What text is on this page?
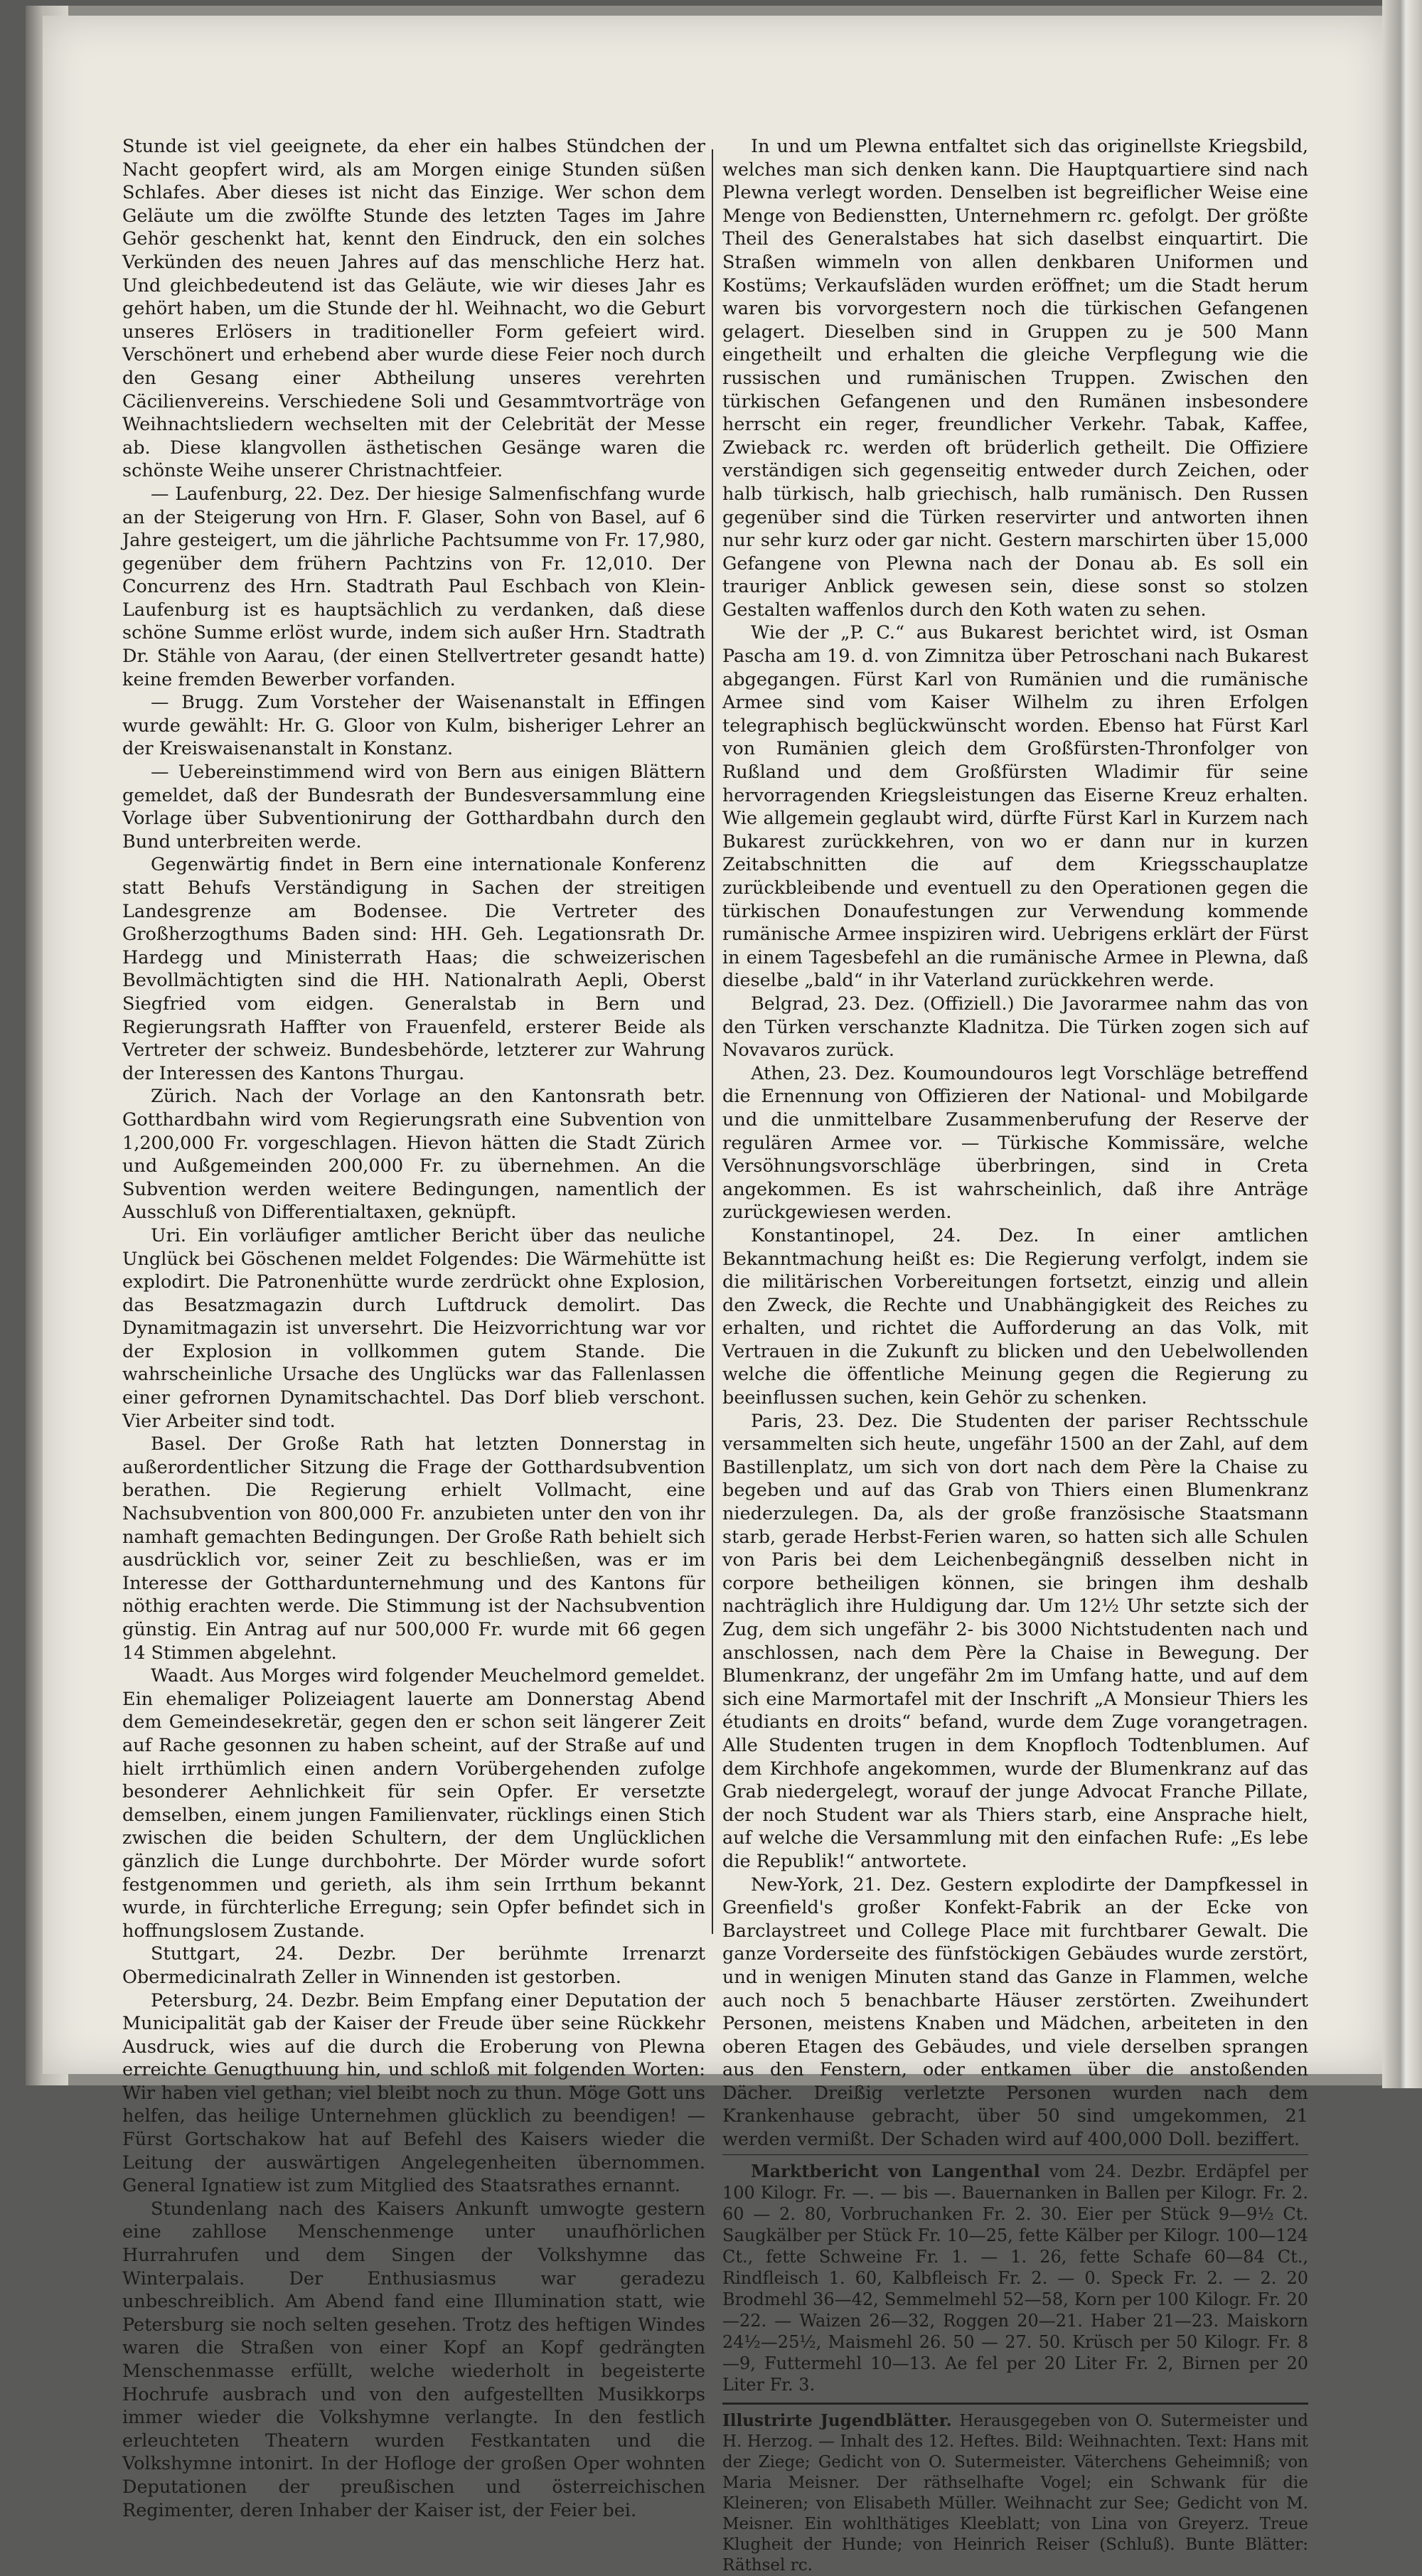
Stunde ist viel geeignete, da eher ein halbes Stündchen der Nacht geopfert wird, als am Morgen einige Stunden süßen Schlafes. Aber dieses ist nicht das Einzige. Wer schon dem Geläute um die zwölfte Stunde des letzten Tages im Jahre Gehör geschenkt hat, kennt den Eindruck, den ein solches Verkünden des neuen Jahres auf das menschliche Herz hat. Und gleichbedeutend ist das Geläute, wie wir dieses Jahr es gehört haben, um die Stunde der hl. Weihnacht, wo die Geburt unseres Erlösers in traditioneller Form gefeiert wird. Verschönert und erhebend aber wurde diese Feier noch durch den Gesang einer Abtheilung unseres verehrten Cäcilienvereins. Verschiedene Soli und Gesammtvorträge von Weihnachtsliedern wechselten mit der Celebrität der Messe ab. Diese klangvollen ästhetischen Gesänge waren die schönste Weihe unserer Christnachtfeier.

— Laufenburg, 22. Dez. Der hiesige Salmenfischfang wurde an der Steigerung von Hrn. F. Glaser, Sohn von Basel, auf 6 Jahre gesteigert, um die jährliche Pachtsumme von Fr. 17,980, gegenüber dem frühern Pachtzins von Fr. 12,010. Der Concurrenz des Hrn. Stadtrath Paul Eschbach von Klein-Laufenburg ist es hauptsächlich zu verdanken, daß diese schöne Summe erlöst wurde, indem sich außer Hrn. Stadtrath Dr. Stähle von Aarau, (der einen Stellvertreter gesandt hatte) keine fremden Bewerber vorfanden.

— Brugg. Zum Vorsteher der Waisenanstalt in Effingen wurde gewählt: Hr. G. Gloor von Kulm, bisheriger Lehrer an der Kreiswaisenanstalt in Konstanz.

— Uebereinstimmend wird von Bern aus einigen Blättern gemeldet, daß der Bundesrath der Bundesversammlung eine Vorlage über Subventionirung der Gotthardbahn durch den Bund unterbreiten werde.

Gegenwärtig findet in Bern eine internationale Konferenz statt Behufs Verständigung in Sachen der streitigen Landesgrenze am Bodensee. Die Vertreter des Großherzogthums Baden sind: HH. Geh. Legationsrath Dr. Hardegg und Ministerrath Haas; die schweizerischen Bevollmächtigten sind die HH. Nationalrath Aepli, Oberst Siegfried vom eidgen. Generalstab in Bern und Regierungsrath Haffter von Frauenfeld, ersterer Beide als Vertreter der schweiz. Bundesbehörde, letzterer zur Wahrung der Interessen des Kantons Thurgau.

Zürich. Nach der Vorlage an den Kantonsrath betr. Gotthardbahn wird vom Regierungsrath eine Subvention von 1,200,000 Fr. vorgeschlagen. Hievon hätten die Stadt Zürich und Außgemeinden 200,000 Fr. zu übernehmen. An die Subvention werden weitere Bedingungen, namentlich der Ausschluß von Differentialtaxen, geknüpft.

Uri. Ein vorläufiger amtlicher Bericht über das neuliche Unglück bei Göschenen meldet Folgendes: Die Wärmehütte ist explodirt. Die Patronenhütte wurde zerdrückt ohne Explosion, das Besatzmagazin durch Luftdruck demolirt. Das Dynamitmagazin ist unversehrt. Die Heizvorrichtung war vor der Explosion in vollkommen gutem Stande. Die wahrscheinliche Ursache des Unglücks war das Fallenlassen einer gefrornen Dynamitschachtel. Das Dorf blieb verschont. Vier Arbeiter sind todt.

Basel. Der Große Rath hat letzten Donnerstag in außerordentlicher Sitzung die Frage der Gotthardsubvention berathen. Die Regierung erhielt Vollmacht, eine Nachsubvention von 800,000 Fr. anzubieten unter den von ihr namhaft gemachten Bedingungen. Der Große Rath behielt sich ausdrücklich vor, seiner Zeit zu beschließen, was er im Interesse der Gotthardunternehmung und des Kantons für nöthig erachten werde. Die Stimmung ist der Nachsubvention günstig. Ein Antrag auf nur 500,000 Fr. wurde mit 66 gegen 14 Stimmen abgelehnt.

Waadt. Aus Morges wird folgender Meuchelmord gemeldet. Ein ehemaliger Polizeiagent lauerte am Donnerstag Abend dem Gemeindesekretär, gegen den er schon seit längerer Zeit auf Rache gesonnen zu haben scheint, auf der Straße auf und hielt irrthümlich einen andern Vorübergehenden zufolge besonderer Aehnlichkeit für sein Opfer. Er versetzte demselben, einem jungen Familienvater, rücklings einen Stich zwischen die beiden Schultern, der dem Unglücklichen gänzlich die Lunge durchbohrte. Der Mörder wurde sofort festgenommen und gerieth, als ihm sein Irrthum bekannt wurde, in fürchterliche Erregung; sein Opfer befindet sich in hoffnungslosem Zustande.

Stuttgart, 24. Dezbr. Der berühmte Irrenarzt Obermedicinalrath Zeller in Winnenden ist gestorben.

Petersburg, 24. Dezbr. Beim Empfang einer Deputation der Municipalität gab der Kaiser der Freude über seine Rückkehr Ausdruck, wies auf die durch die Eroberung von Plewna erreichte Genugthuung hin, und schloß mit folgenden Worten: Wir haben viel gethan; viel bleibt noch zu thun. Möge Gott uns helfen, das heilige Unternehmen glücklich zu beendigen! — Fürst Gortschakow hat auf Befehl des Kaisers wieder die Leitung der auswärtigen Angelegenheiten übernommen. General Ignatiew ist zum Mitglied des Staatsrathes ernannt.

Stundenlang nach des Kaisers Ankunft umwogte gestern eine zahllose Menschenmenge unter unaufhörlichen Hurrahrufen und dem Singen der Volkshymne das Winterpalais. Der Enthusiasmus war geradezu unbeschreiblich. Am Abend fand eine Illumination statt, wie Petersburg sie noch selten gesehen. Trotz des heftigen Windes waren die Straßen von einer Kopf an Kopf gedrängten Menschenmasse erfüllt, welche wiederholt in begeisterte Hochrufe ausbrach und von den aufgestellten Musikkorps immer wieder die Volkshymne verlangte. In den festlich erleuchteten Theatern wurden Festkantaten und die Volkshymne intonirt. In der Hofloge der großen Oper wohnten Deputationen der preußischen und österreichischen Regimenter, deren Inhaber der Kaiser ist, der Feier bei.

In und um Plewna entfaltet sich das originellste Kriegsbild, welches man sich denken kann. Die Hauptquartiere sind nach Plewna verlegt worden. Denselben ist begreiflicher Weise eine Menge von Bedienstten, Unternehmern rc. gefolgt. Der größte Theil des Generalstabes hat sich daselbst einquartirt. Die Straßen wimmeln von allen denkbaren Uniformen und Kostüms; Verkaufsläden wurden eröffnet; um die Stadt herum waren bis vorvorgestern noch die türkischen Gefangenen gelagert. Dieselben sind in Gruppen zu je 500 Mann eingetheilt und erhalten die gleiche Verpflegung wie die russischen und rumänischen Truppen. Zwischen den türkischen Gefangenen und den Rumänen insbesondere herrscht ein reger, freundlicher Verkehr. Tabak, Kaffee, Zwieback rc. werden oft brüderlich getheilt. Die Offiziere verständigen sich gegenseitig entweder durch Zeichen, oder halb türkisch, halb griechisch, halb rumänisch. Den Russen gegenüber sind die Türken reservirter und antworten ihnen nur sehr kurz oder gar nicht. Gestern marschirten über 15,000 Gefangene von Plewna nach der Donau ab. Es soll ein trauriger Anblick gewesen sein, diese sonst so stolzen Gestalten waffenlos durch den Koth waten zu sehen.

Wie der „P. C.“ aus Bukarest berichtet wird, ist Osman Pascha am 19. d. von Zimnitza über Petroschani nach Bukarest abgegangen. Fürst Karl von Rumänien und die rumänische Armee sind vom Kaiser Wilhelm zu ihren Erfolgen telegraphisch beglückwünscht worden. Ebenso hat Fürst Karl von Rumänien gleich dem Großfürsten-Thronfolger von Rußland und dem Großfürsten Wladimir für seine hervorragenden Kriegsleistungen das Eiserne Kreuz erhalten. Wie allgemein geglaubt wird, dürfte Fürst Karl in Kurzem nach Bukarest zurückkehren, von wo er dann nur in kurzen Zeitabschnitten die auf dem Kriegsschauplatze zurückbleibende und eventuell zu den Operationen gegen die türkischen Donaufestungen zur Verwendung kommende rumänische Armee inspiziren wird. Uebrigens erklärt der Fürst in einem Tagesbefehl an die rumänische Armee in Plewna, daß dieselbe „bald“ in ihr Vaterland zurückkehren werde.

Belgrad, 23. Dez. (Offiziell.) Die Javorarmee nahm das von den Türken verschanzte Kladnitza. Die Türken zogen sich auf Novavaros zurück.

Athen, 23. Dez. Koumoundouros legt Vorschläge betreffend die Ernennung von Offizieren der National- und Mobilgarde und die unmittelbare Zusammenberufung der Reserve der regulären Armee vor. — Türkische Kommissäre, welche Versöhnungsvorschläge überbringen, sind in Creta angekommen. Es ist wahrscheinlich, daß ihre Anträge zurückgewiesen werden.

Konstantinopel, 24. Dez. In einer amtlichen Bekanntmachung heißt es: Die Regierung verfolgt, indem sie die militärischen Vorbereitungen fortsetzt, einzig und allein den Zweck, die Rechte und Unabhängigkeit des Reiches zu erhalten, und richtet die Aufforderung an das Volk, mit Vertrauen in die Zukunft zu blicken und den Uebelwollenden welche die öffentliche Meinung gegen die Regierung zu beeinflussen suchen, kein Gehör zu schenken.

Paris, 23. Dez. Die Studenten der pariser Rechtsschule versammelten sich heute, ungefähr 1500 an der Zahl, auf dem Bastillenplatz, um sich von dort nach dem Père la Chaise zu begeben und auf das Grab von Thiers einen Blumenkranz niederzulegen. Da, als der große französische Staatsmann starb, gerade Herbst-Ferien waren, so hatten sich alle Schulen von Paris bei dem Leichenbegängniß desselben nicht in corpore betheiligen können, sie bringen ihm deshalb nachträglich ihre Huldigung dar. Um 12½ Uhr setzte sich der Zug, dem sich ungefähr 2- bis 3000 Nichtstudenten nach und anschlossen, nach dem Père la Chaise in Bewegung. Der Blumenkranz, der ungefähr 2m im Umfang hatte, und auf dem sich eine Marmortafel mit der Inschrift „A Monsieur Thiers les étudiants en droits“ befand, wurde dem Zuge vorangetragen. Alle Studenten trugen in dem Knopfloch Todtenblumen. Auf dem Kirchhofe angekommen, wurde der Blumenkranz auf das Grab niedergelegt, worauf der junge Advocat Franche Pillate, der noch Student war als Thiers starb, eine Ansprache hielt, auf welche die Versammlung mit den einfachen Rufe: „Es lebe die Republik!“ antwortete.

New-York, 21. Dez. Gestern explodirte der Dampfkessel in Greenfield's großer Konfekt-Fabrik an der Ecke von Barclaystreet und College Place mit furchtbarer Gewalt. Die ganze Vorderseite des fünfstöckigen Gebäudes wurde zerstört, und in wenigen Minuten stand das Ganze in Flammen, welche auch noch 5 benachbarte Häuser zerstörten. Zweihundert Personen, meistens Knaben und Mädchen, arbeiteten in den oberen Etagen des Gebäudes, und viele derselben sprangen aus den Fenstern, oder entkamen über die anstoßenden Dächer. Dreißig verletzte Personen wurden nach dem Krankenhause gebracht, über 50 sind umgekommen, 21 werden vermißt. Der Schaden wird auf 400,000 Doll. beziffert.

Marktbericht von Langenthal vom 24. Dezbr. Erdäpfel per 100 Kilogr. Fr. —. — bis —. Bauernanken in Ballen per Kilogr. Fr. 2. 60 — 2. 80, Vorbruchanken Fr. 2. 30. Eier per Stück 9—9½ Ct. Saugkälber per Stück Fr. 10—25, fette Kälber per Kilogr. 100—124 Ct., fette Schweine Fr. 1. — 1. 26, fette Schafe 60—84 Ct., Rindfleisch 1. 60, Kalbfleisch Fr. 2. — 0. Speck Fr. 2. — 2. 20 Brodmehl 36—42, Semmelmehl 52—58, Korn per 100 Kilogr. Fr. 20—22. — Waizen 26—32, Roggen 20—21. Haber 21—23. Maiskorn 24½—25½, Maismehl 26. 50 — 27. 50. Krüsch per 50 Kilogr. Fr. 8—9, Futtermehl 10—13. Ae fel per 20 Liter Fr. 2, Birnen per 20 Liter Fr. 3.

Illustrirte Jugendblätter. Herausgegeben von O. Sutermeister und H. Herzog. — Inhalt des 12. Heftes. Bild: Weihnachten. Text: Hans mit der Ziege; Gedicht von O. Sutermeister. Väterchens Geheimniß; von Maria Meisner. Der räthselhafte Vogel; ein Schwank für die Kleineren; von Elisabeth Müller. Weihnacht zur See; Gedicht von M. Meisner. Ein wohlthätiges Kleeblatt; von Lina von Greyerz. Treue Klugheit der Hunde; von Heinrich Reiser (Schluß). Bunte Blätter: Räthsel rc.
